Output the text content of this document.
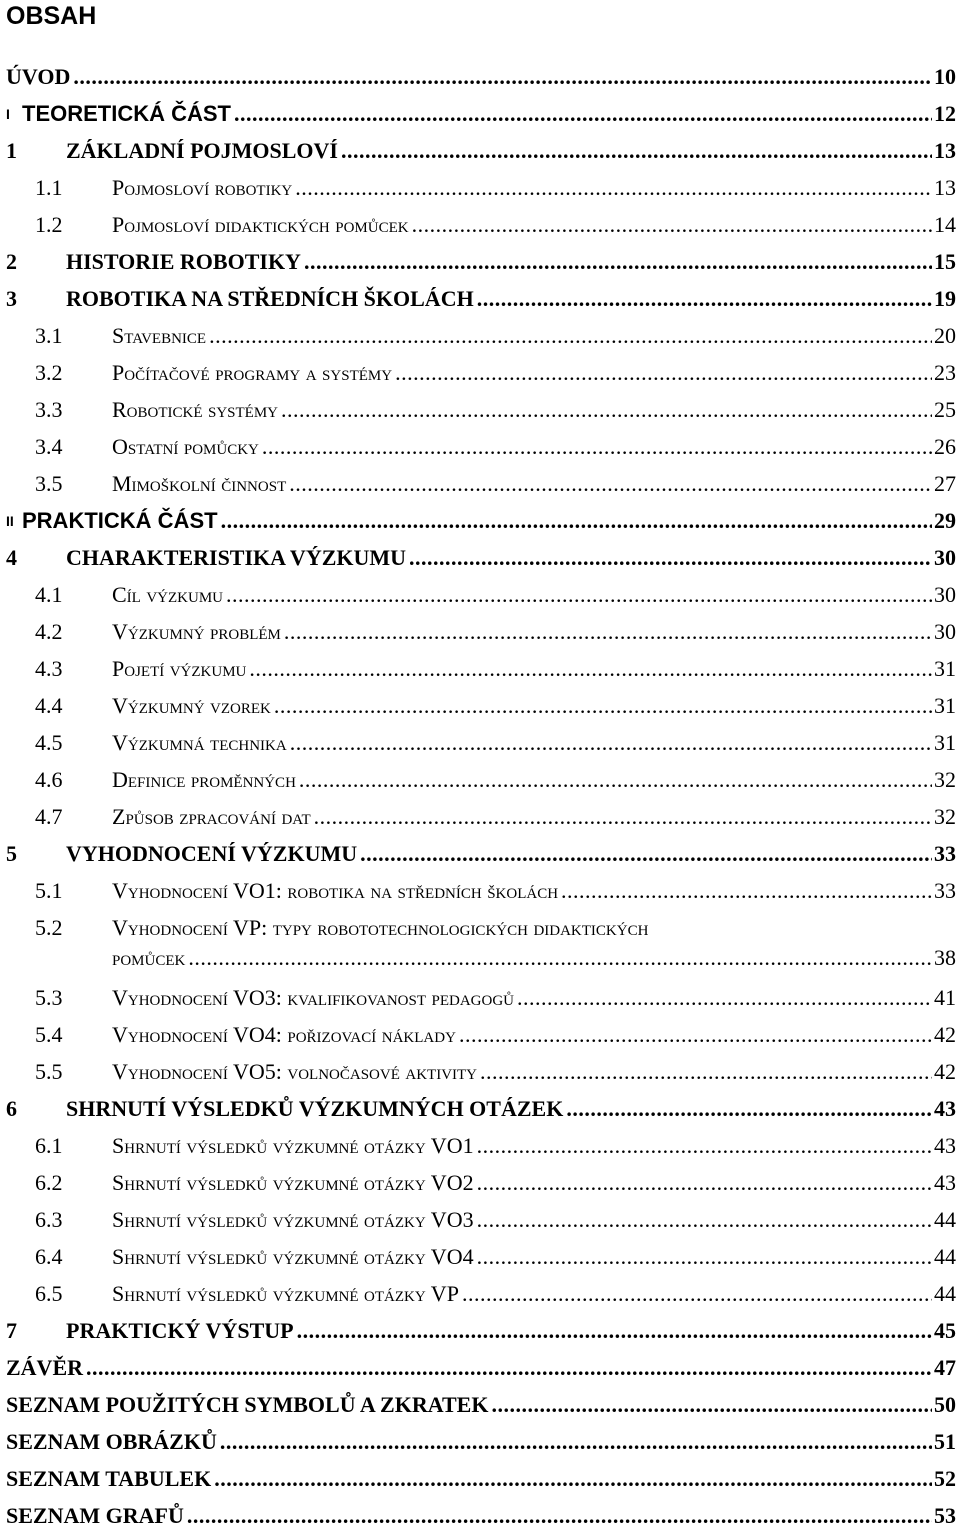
OBSAH
ÚVOD .....	10
I TEORETICKÁ ČÁST .....	12
1 ZÁKLADNÍ POJMOSLOVÍ .....	13
1.1 Pojmosloví robotiky .....	13
1.2 Pojmosloví didaktických pomůcek .....	14
2 HISTORIE ROBOTIKY .....	15
3 ROBOTIKA NA STŘEDNÍCH ŠKOLÁCH .....	19
3.1 Stavebnice .....	20
3.2 Počítačové programy a systémy .....	23
3.3 Robotické systémy .....	25
3.4 Ostatní pomůcky .....	26
3.5 Mimoškolní činnost .....	27
II PRAKTICKÁ ČÁST .....	29
4 CHARAKTERISTIKA VÝZKUMU .....	30
4.1 Cíl výzkumu .....	30
4.2 Výzkumný problém .....	30
4.3 Pojetí výzkumu .....	31
4.4 Výzkumný vzorek .....	31
4.5 Výzkumná technika .....	31
4.6 Definice proměnných .....	32
4.7 Způsob zpracování dat .....	32
5 VYHODNOCENÍ VÝZKUMU .....	33
5.1 Vyhodnocení VO1: robotika na středních školách .....	33
5.2 Vyhodnocení VP: typy robototechnologických didaktických
pomůcek .....	38
5.3 Vyhodnocení VO3: kvalifikovanost pedagogů .....	41
5.4 Vyhodnocení VO4: pořizovací náklady .....	42
5.5 Vyhodnocení VO5: volnočasové aktivity .....	42
6 SHRNUTÍ VÝSLEDKŮ VÝZKUMNÝCH OTÁZEK .....	43
6.1 Shrnutí výsledků výzkumné otázky VO1 .....	43
6.2 Shrnutí výsledků výzkumné otázky VO2 .....	43
6.3 Shrnutí výsledků výzkumné otázky VO3 .....	44
6.4 Shrnutí výsledků výzkumné otázky VO4 .....	44
6.5 Shrnutí výsledků výzkumné otázky VP .....	44
7 PRAKTICKÝ VÝSTUP .....	45
ZÁVĚR .....	47
SEZNAM POUŽITÝCH SYMBOLŮ A ZKRATEK .....	50
SEZNAM OBRÁZKŮ .....	51
SEZNAM TABULEK .....	52
SEZNAM GRAFŮ .....	53
